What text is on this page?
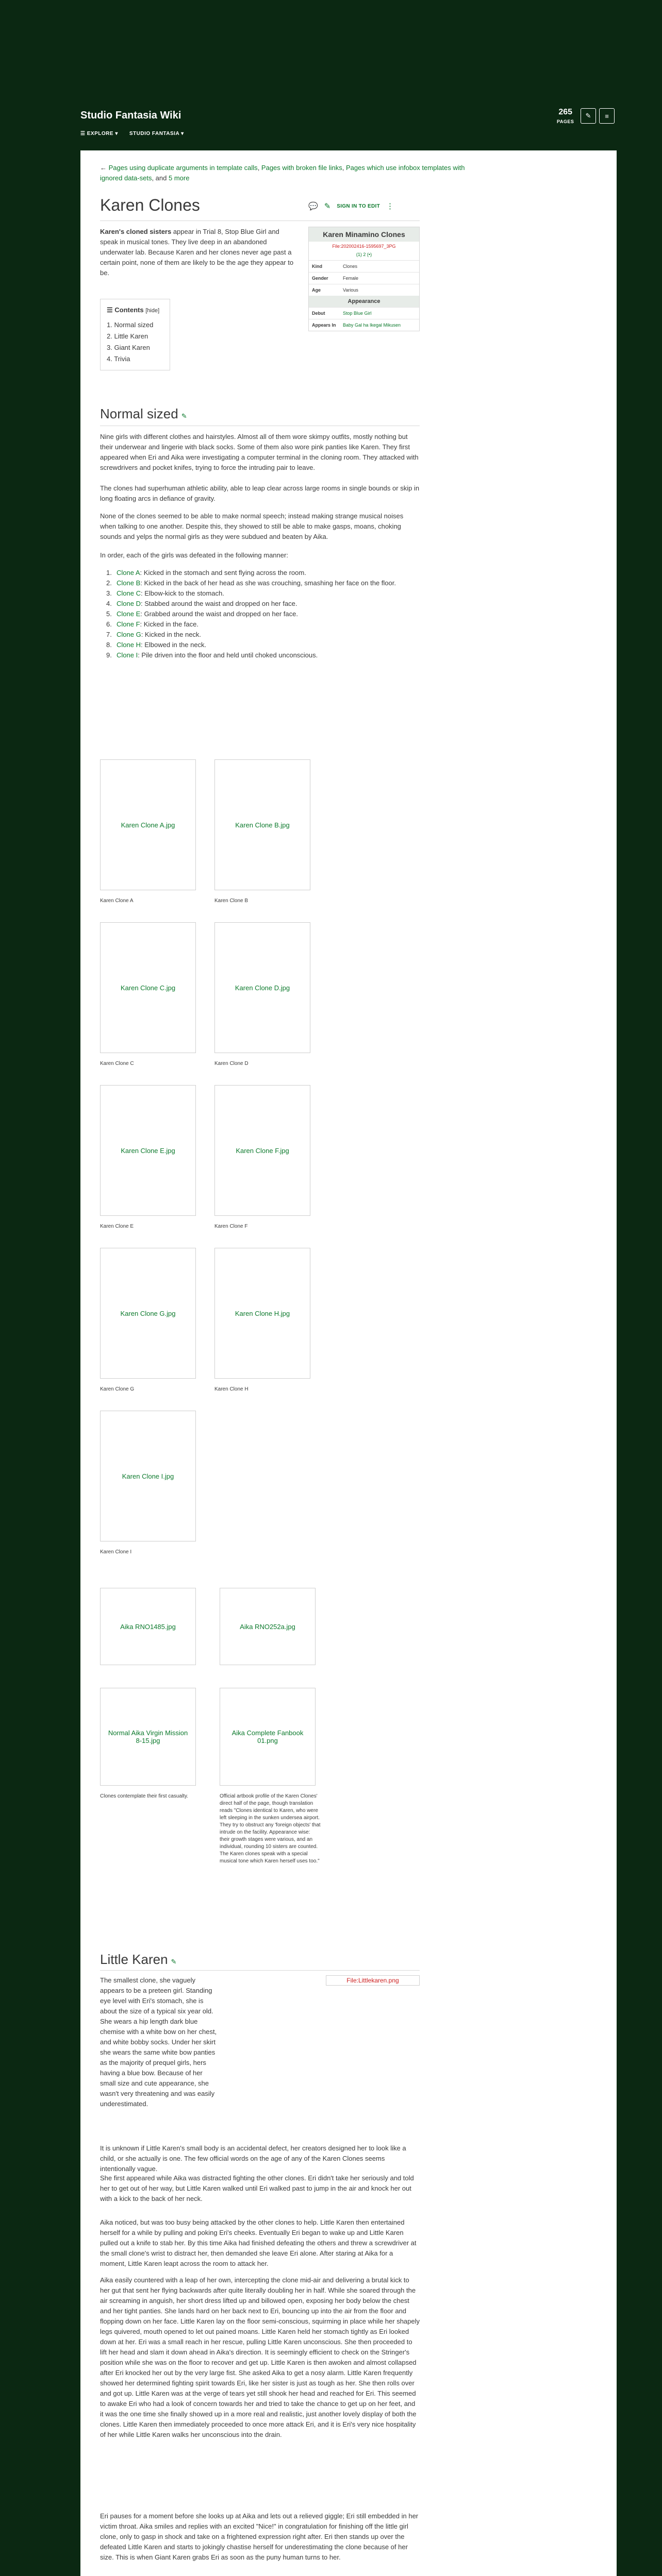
Studio Fantasia Wiki
☰ EXPLORE ▾ STUDIO FANTASIA ▾
265
PAGES
✎ ≡
← Pages using duplicate arguments in template calls, Pages with broken file links, Pages which use infobox templates with ignored data-sets, and 5 more
Karen Clones	💬 ✎ SIGN IN TO EDIT ⋮
Karen's cloned sisters appear in Trial 8, Stop Blue Girl and speak in musical tones. They live deep in an abandoned underwater lab. Because Karen and her clones never age past a certain point, none of them are likely to be the age they appear to be.
☰ Contents [hide]
1. Normal sized
2. Little Karen
3. Giant Karen
4. Trivia
Karen Minamino Clones
File:202002416-1595697_3PG
(1) 2 (•)
Kind	Clones
Gender	Female
Age	Various
Appearance
Debut	Stop Blue Girl
Appears In	Baby Gal ha Ikegal Mikusen
Normal sized ✎

Nine girls with different clothes and hairstyles. Almost all of them wore skimpy outfits, mostly nothing but their underwear and lingerie with black socks. Some of them also wore pink panties like Karen. They first appeared when Eri and Aika were investigating a computer terminal in the cloning room. They attacked with screwdrivers and pocket knifes, trying to force the intruding pair to leave.

The clones had superhuman athletic ability, able to leap clear across large rooms in single bounds or skip in long floating arcs in defiance of gravity.

None of the clones seemed to be able to make normal speech; instead making strange musical noises when talking to one another. Despite this, they showed to still be able to make gasps, moans, choking sounds and yelps the normal girls as they were subdued and beaten by Aika.

In order, each of the girls was defeated in the following manner:

1. Clone A: Kicked in the stomach and sent flying across the room.
2. Clone B: Kicked in the back of her head as she was crouching, smashing her face on the floor.
3. Clone C: Elbow-kick to the stomach.
4. Clone D: Stabbed around the waist and dropped on her face.
5. Clone E: Grabbed around the waist and dropped on her face.
6. Clone F: Kicked in the face.
7. Clone G: Kicked in the neck.
8. Clone H: Elbowed in the neck.
9. Clone I: Pile driven into the floor and held until choked unconscious.
Karen Clone A.jpg
Karen Clone A
Karen Clone B.jpg
Karen Clone B
Karen Clone C.jpg
Karen Clone C
Karen Clone D.jpg
Karen Clone D
Karen Clone E.jpg
Karen Clone E
Karen Clone F.jpg
Karen Clone F
Karen Clone G.jpg
Karen Clone G
Karen Clone H.jpg
Karen Clone H
Karen Clone I.jpg
Karen Clone I
Aika RNO1485.jpg	Aika RNO252a.jpg
Normal Aika Virgin Mission 8-15.jpg
Clones contemplate their first casualty.
Aika Complete Fanbook 01.png
Official artbook profile of the Karen Clones' direct half of the page, though translation reads "Clones identical to Karen, who were left sleeping in the sunken undersea airport. They try to obstruct any 'foreign objects' that intrude on the facility. Appearance wise: their growth stages were various, and an individual, rounding 10 sisters are counted. The Karen clones speak with a special musical tone which Karen herself uses too."
Little Karen ✎
File:Littlekaren.png

The smallest clone, she vaguely appears to be a preteen girl. Standing eye level with Eri's stomach, she is about the size of a typical six year old. She wears a hip length dark blue chemise with a white bow on her chest, and white bobby socks. Under her skirt she wears the same white bow panties as the majority of prequel girls, hers having a blue bow. Because of her small size and cute appearance, she wasn't very threatening and was easily underestimated.

It is unknown if Little Karen's small body is an accidental defect, her creators designed her to look like a child, or she actually is one. The few official words on the age of any of the Karen Clones seems intentionally vague.

She first appeared while Aika was distracted fighting the other clones. Eri didn't take her seriously and told her to get out of her way, but Little Karen walked until Eri walked past to jump in the air and knock her out with a kick to the back of her neck.

Aika noticed, but was too busy being attacked by the other clones to help. Little Karen then entertained herself for a while by pulling and poking Eri's cheeks. Eventually Eri began to wake up and Little Karen pulled out a knife to stab her. By this time Aika had finished defeating the others and threw a screwdriver at the small clone's wrist to distract her, then demanded she leave Eri alone. After staring at Aika for a moment, Little Karen leapt across the room to attack her.

Aika easily countered with a leap of her own, intercepting the clone mid-air and delivering a brutal kick to her gut that sent her flying backwards after quite literally doubling her in half. While she soared through the air screaming in anguish, her short dress lifted up and billowed open, exposing her body below the chest and her tight panties. She lands hard on her back next to Eri, bouncing up into the air from the floor and flopping down on her face. Little Karen lay on the floor semi-conscious, squirming in place while her shapely legs quivered, mouth opened to let out pained moans. Little Karen held her stomach tightly as Eri looked down at her. Eri was a small reach in her rescue, pulling Little Karen unconscious. She then proceeded to lift her head and slam it down ahead in Aika's direction. It is seemingly efficient to check on the Stringer's position while she was on the floor to recover and get up. Little Karen is then awoken and almost collapsed after Eri knocked her out by the very large fist. She asked Aika to get a nosy alarm. Little Karen frequently showed her determined fighting spirit towards Eri, like her sister is just as tough as her. She then rolls over and got up. Little Karen was at the verge of tears yet still shook her head and reached for Eri. This seemed to awake Eri who had a look of concern towards her and tried to take the chance to get up on her feet, and it was the one time she finally showed up in a more real and realistic, just another lovely display of both the clones. Little Karen then immediately proceeded to once more attack Eri, and it is Eri's very nice hospitality of her while Little Karen walks her unconscious into the drain.

Eri pauses for a moment before she looks up at Aika and lets out a relieved giggle; Eri still embedded in her victim throat. Aika smiles and replies with an excited "Nice!" in congratulation for finishing off the little girl clone, only to gasp in shock and take on a frightened expression right after. Eri then stands up over the defeated Little Karen and starts to jokingly chastise herself for underestimating the clone because of her size. This is when Giant Karen grabs Eri as soon as the puny human turns to her.
